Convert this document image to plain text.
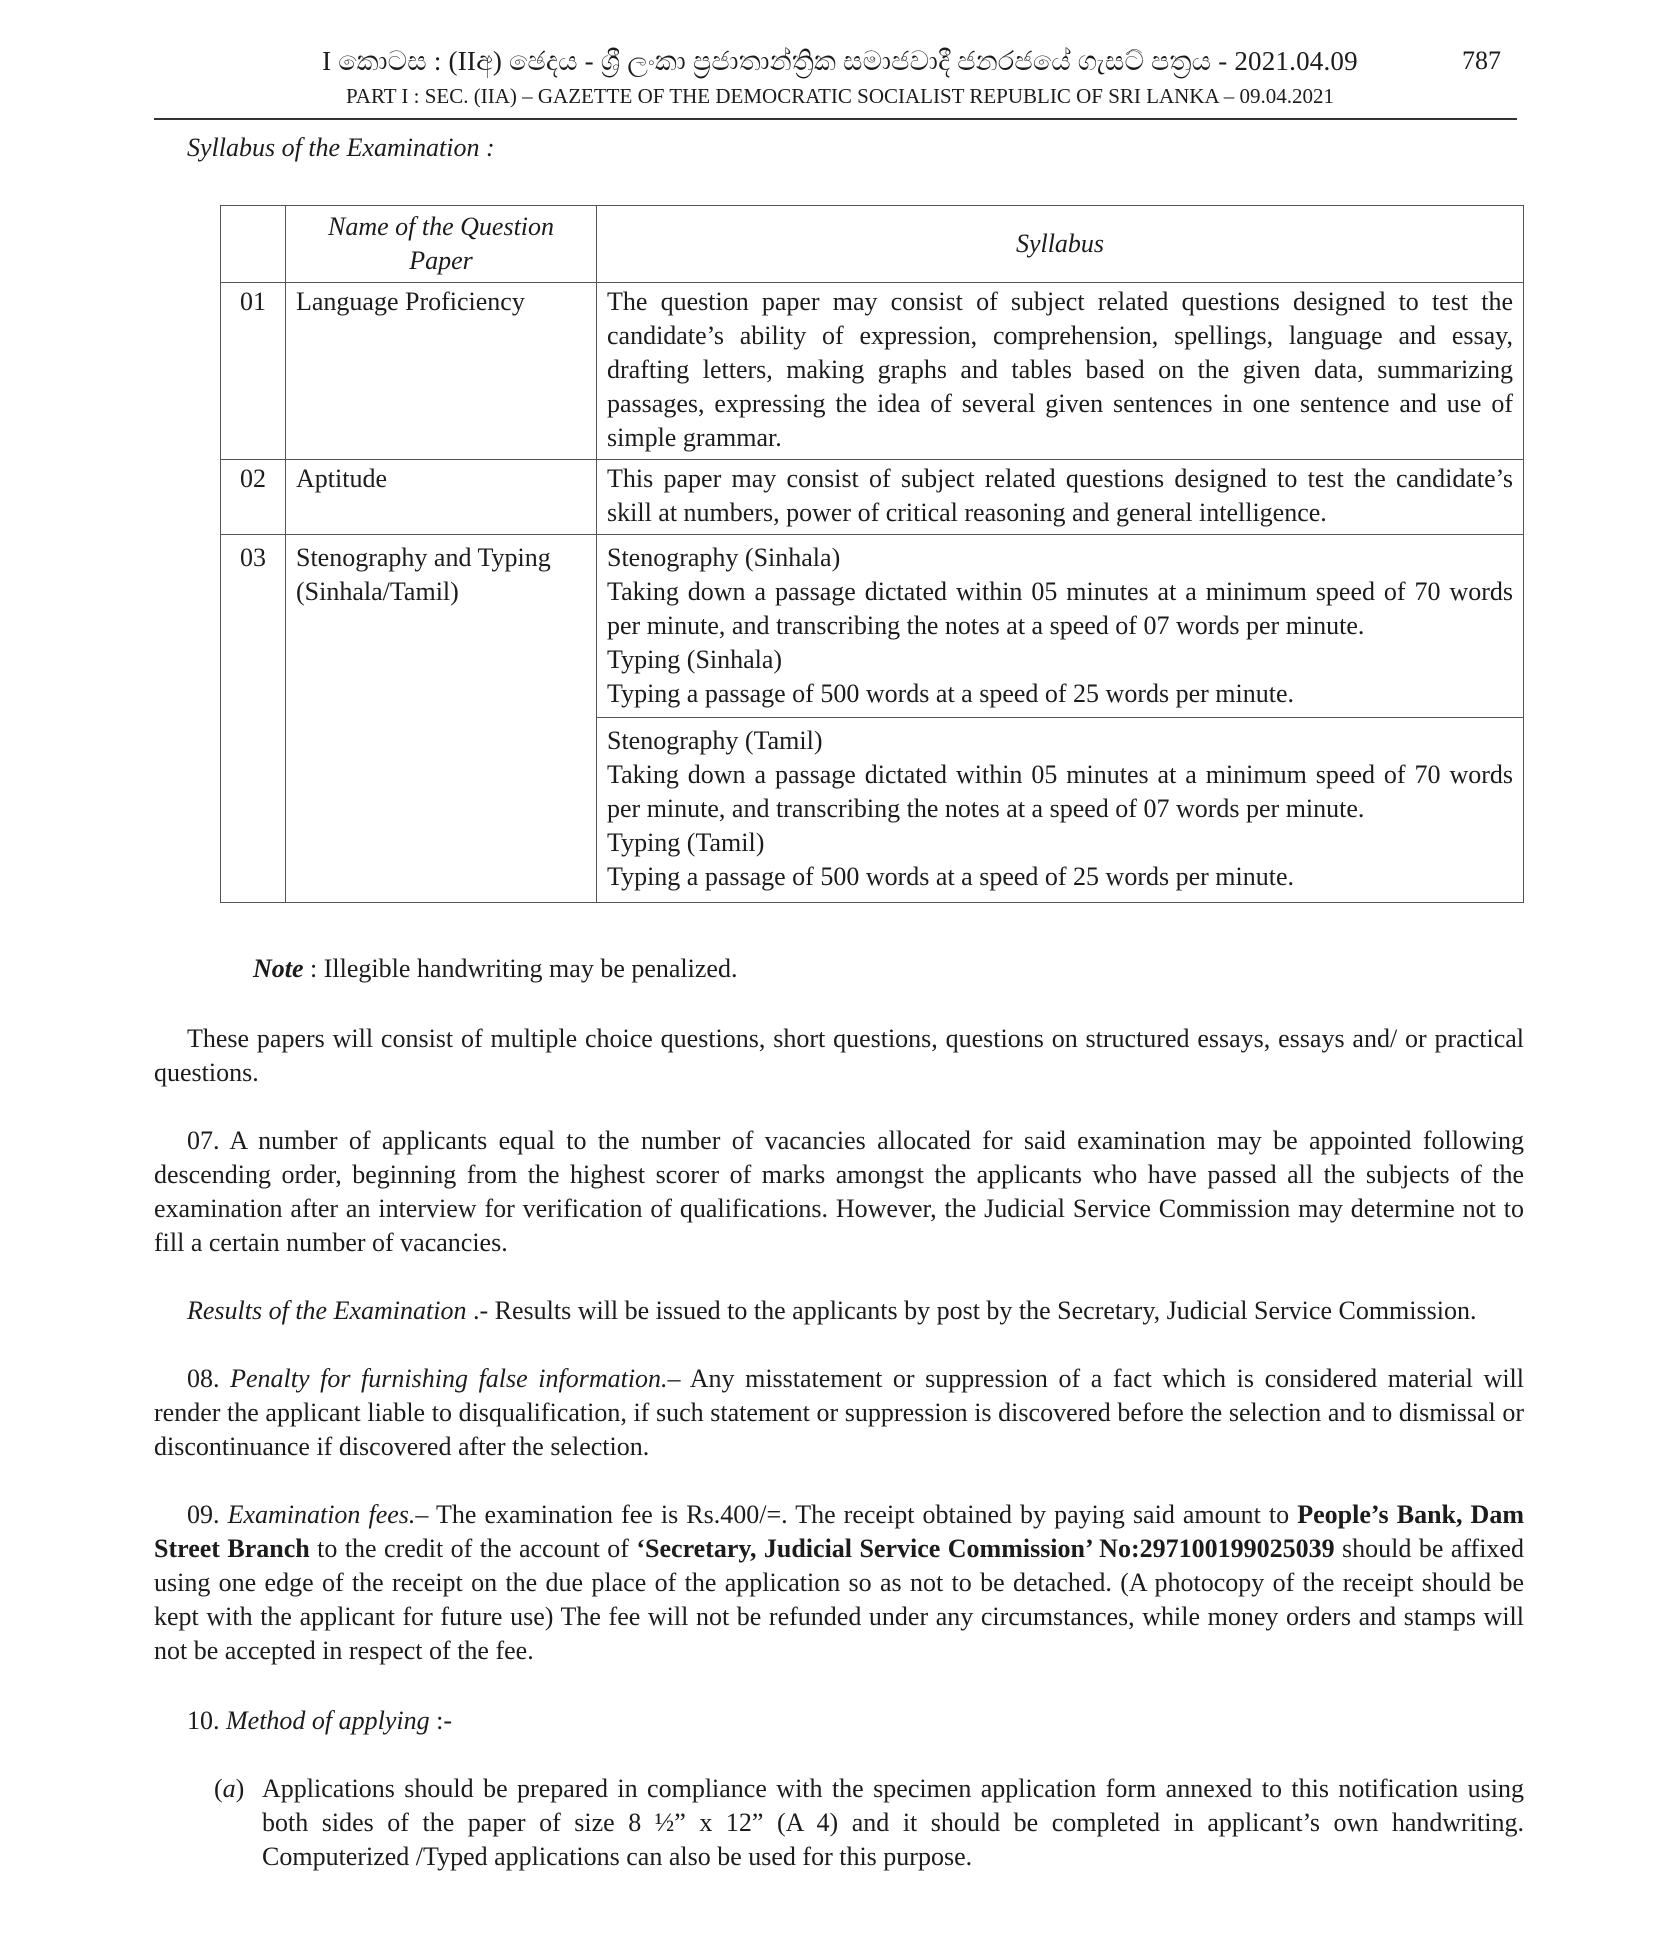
I කොටස : (IIඅ) ඡෙදය - ශ්‍රී ලංකා ප්‍රජාතාන්ත්‍රික සමාජවාදී ජනරජයේ ගැසට් පත්‍රය - 2021.04.09
PART I : SEC. (IIA) – GAZETTE OF THE DEMOCRATIC SOCIALIST REPUBLIC OF SRI LANKA – 09.04.2021
787
Syllabus of the Examination :
	Name of the Question Paper	Syllabus
01	Language Proficiency	The question paper may consist of subject related questions designed to test the candidate’s ability of expression, comprehension, spellings, language and essay, drafting letters, making graphs and tables based on the given data, summarizing passages, expressing the idea of several given sentences in one sentence and use of simple grammar.
02	Aptitude	This paper may consist of subject related questions designed to test the candidate’s skill at numbers, power of critical reasoning and general intelligence.
03	Stenography and Typing (Sinhala/Tamil)	Stenography (Sinhala)
Taking down a passage dictated within 05 minutes at a minimum speed of 70 words per minute, and transcribing the notes at a speed of 07 words per minute.
Typing (Sinhala)
Typing a passage of 500 words at a speed of 25 words per minute.

		Stenography (Tamil)
Taking down a passage dictated within 05 minutes at a minimum speed of 70 words per minute, and transcribing the notes at a speed of 07 words per minute.
Typing (Tamil)
Typing a passage of 500 words at a speed of 25 words per minute.
Note : Illegible handwriting may be penalized.
These papers will consist of multiple choice questions, short questions, questions on structured essays, essays and/ or practical questions.
07. A number of applicants equal to the number of vacancies allocated for said examination may be appointed following descending order, beginning from the highest scorer of marks amongst the applicants who have passed all the subjects of the examination after an interview for verification of qualifications. However, the Judicial Service Commission may determine not to fill a certain number of vacancies.
Results of the Examination .- Results will be issued to the applicants by post by the Secretary, Judicial Service Commission.
08. Penalty for furnishing false information.– Any misstatement or suppression of a fact which is considered material will render the applicant liable to disqualification, if such statement or suppression is discovered before the selection and to dismissal or discontinuance if discovered after the selection.
09. Examination fees.– The examination fee is Rs.400/=. The receipt obtained by paying said amount to People’s Bank, Dam Street Branch to the credit of the account of ‘Secretary, Judicial Service Commission’ No:297100199025039 should be affixed using one edge of the receipt on the due place of the application so as not to be detached. (A photocopy of the receipt should be kept with the applicant for future use) The fee will not be refunded under any circumstances, while money orders and stamps will not be accepted in respect of the fee.
10. Method of applying :-
(a) Applications should be prepared in compliance with the specimen application form annexed to this notification using both sides of the paper of size 8 ½” x 12” (A 4) and it should be completed in applicant’s own handwriting. Computerized /Typed applications can also be used for this purpose.
